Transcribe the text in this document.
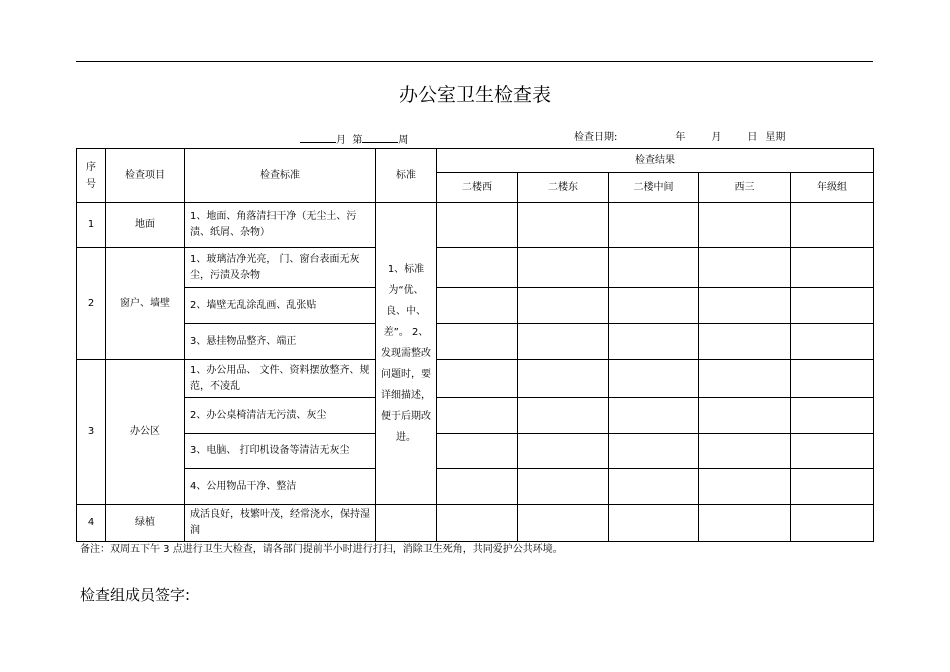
办公室卫生检查表
月 第	周	检查日期:	年	月	日 星期
序号	检查项目	检查标准	标准	检查结果				
				二楼西	二楼东	二楼中间	西三	年级组
1	地面	1、地面、角落清扫干净（无尘土、污渍、纸屑、杂物）	1、标准为“优、良、中、差”。 2、发现需整改问题时，要详细描述，便于后期改进。					
2	窗户、墙壁	1、玻璃洁净光亮， 门、窗台表面无灰尘，污渍及杂物						
		2、墙壁无乱涂乱画、乱张贴						
		3、悬挂物品整齐、端正						
3	办公区	1、办公用品、 文件、资料摆放整齐、规范，不凌乱						
		2、办公桌椅清洁无污渍、灰尘						
		3、电脑、 打印机设备等清洁无灰尘						
		4、公用物品干净、整洁						
4	绿植	成活良好，枝繁叶茂，经常浇水，保持湿润						
备注：双周五下午 3 点进行卫生大检查，请各部门提前半小时进行打扫，消除卫生死角，共同爱护公共环境。
检查组成员签字:
